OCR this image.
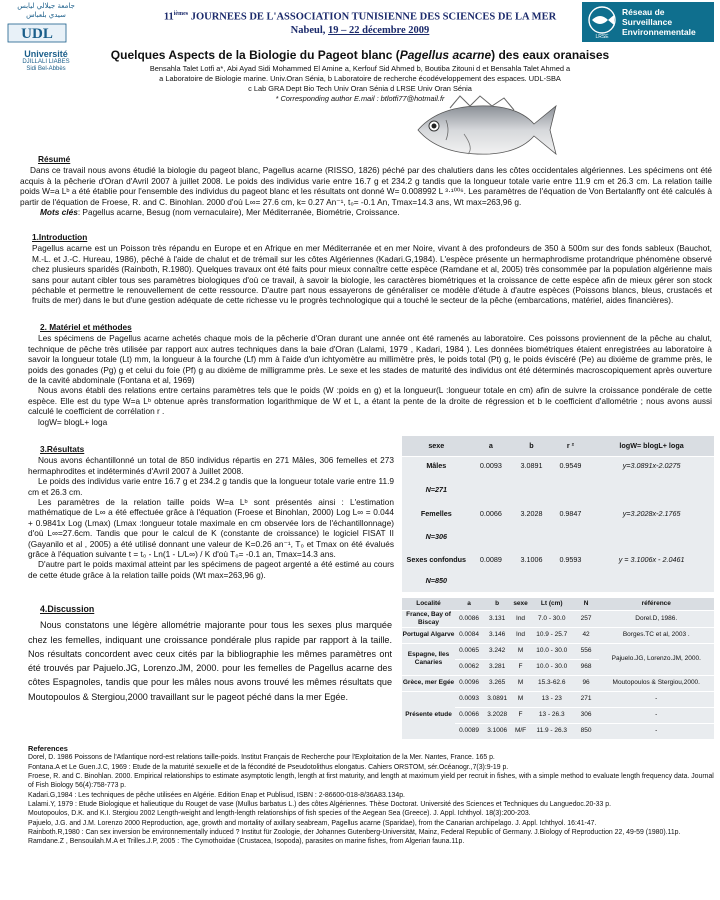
جامعة جيلالي ليابس
سيدي بلعباس
UDL
Université
DJILLALI LIABES
Sidi Bel-Abbès
$11^{ièmes}$ JOURNEES DE L'ASSOCIATION TUNISIENNE DES SCIENCES DE LA MER
Nabeul, 19 – 22 décembre 2009
LRSE
Réseau de
Surveillance
Environnementale
Quelques Aspects de la Biologie du Pageot blanc (Pagellus acarne) des eaux oranaises
Bensahla Talet Lotfi a*, Abi Ayad Sidi Mohammed El Amine a, Kerfouf Sid Ahmed b, Boutiba Zitouni d et Bensahla Talet Ahmed a
a Laboratoire de Biologie marine. Univ.Oran Sénia, b Laboratoire de recherche écodéveloppement des espaces. UDL-SBA
c Lab GRA Dept Bio Tech Univ Oran Sénia d LRSE Univ Oran Sénia
* Corresponding author E.mail : btlotfi77@hotmail.fr
Résumé

Dans ce travail nous avons étudié la biologie du pageot blanc, Pagellus acarne (RISSO, 1826) péché par des chalutiers dans les côtes occidentales algériennes. Les spécimens ont été acquis à la pêcherie d'Oran d'Avril 2007 à juillet 2008. Le poids des individus varie entre 16.7 g et 234.2 g tandis que la longueur totale varie entre 11.9 cm et 26.3 cm. La relation taille poids W=a Lᵇ a été établie pour l'ensemble des individus du pageot blanc et les résultats ont donné W= 0.008992 L ³·¹⁰⁰⁶. Les paramètres de l'équation de Von Bertalanffy ont été calculés à partir de l'équation de Froese, R. and C. Binohlan. 2000 d'où L∞= 27.6 cm, k= 0.27 An⁻¹, t₀= -0.1 An, Tmax=14.3 ans, Wt max=263,96 g.

Mots clés: Pagellus acarne, Besug (nom vernaculaire), Mer Méditerranée, Biométrie, Croissance.

1.Introduction

Pagellus acarne est un Poisson très répandu en Europe et en Afrique en mer Méditerranée et en mer Noire, vivant à des profondeurs de 350 à 500m sur des fonds sableux (Bauchot, M.-L. et J.-C. Hureau, 1986), pêché à l'aide de chalut et de trémail sur les côtes Algériennes (Kadari.G,1984). L'espèce présente un hermaphrodisme protandrique phénomène observé chez plusieurs sparidés (Rainboth, R.1980). Quelques travaux ont été faits pour mieux connaître cette espèce (Ramdane et al, 2005) très consommée par la population algérienne mais sans pour autant cibler tous ses paramètres biologiques d'où ce travail, à savoir la biologie, les caractères biométriques et la croissance de cette espèce afin de mieux gérer son stock péchable et permettre le renouvellement de cette ressource. D'autre part nous essayerons de généraliser ce modèle d'étude à d'autre espèces (Poissons blancs, bleus, crustacés et fruits de mer) dans le but d'une gestion adéquate de cette richesse vu le progrès technologique qui a touché le secteur de la pêche (embarcations, matériel, aides financières).

2. Matériel et méthodes

Les spécimens de Pagellus acarne achetés chaque mois de la pêcherie d'Oran durant une année ont été ramenés au laboratoire. Ces poissons proviennent de la pêche au chalut, technique de pêche très utilisée par rapport aux autres techniques dans la baie d'Oran (Lalami, 1979 , Kadari, 1984 ). Les données biométriques étaient enregistrées au laboratoire à savoir la longueur totale (Lt) mm, la longueur à la fourche (Lf) mm à l'aide d'un ichtyomètre au millimètre près, le poids total (Pt) g, le poids éviscéré (Pe) au dixième de gramme près, le poids des gonades (Pg) g et celui du foie (Pf) g au dixième de milligramme près. Le sexe et les stades de maturité des individus ont été déterminés macroscopiquement après ouverture de la cavité abdominale (Fontana et al, 1969)

Nous avons établi des relations entre certains paramètres tels que le poids (W :poids en g) et la longueur(L :longueur totale en cm) afin de suivre la croissance pondérale de cette espèce. Elle est du type W=a Lᵇ obtenue après transformation logarithmique de W et L, a étant la pente de la droite de régression et b le coefficient d'allométrie ; nous avons aussi calculé le coefficient de corrélation r .

logW= blogL+ loga

3.Résultats

Nous avons échantillonné un total de 850 individus répartis en 271 Mâles, 306 femelles et 273 hermaphrodites et indéterminés d'Avril 2007 à Juillet 2008.

Le poids des individus varie entre 16.7 g et 234.2 g tandis que la longueur totale varie entre 11.9 cm et 26.3 cm.

Les paramètres de la relation taille poids W=a Lᵇ sont présentés ainsi : L'estimation mathématique de L∞ a été effectuée grâce à l'équation (Froese et Binohlan, 2000) Log L∞ = 0.044 + 0.9841x Log (Lmax) (Lmax :longueur totale maximale en cm observée lors de l'échantillonnage) d'où L∞=27.6cm. Tandis que pour le calcul de K (constante de croissance) le logiciel FISAT II (Gayanilo et al , 2005) a été utilisé donnant une valeur de K=0.26 an⁻¹, T₀ et Tmax on été évalués grâce à l'équation suivante t = t₀ - Ln(1 - L/L∞) / K d'où T₀= -0.1 an, Tmax=14.3 ans.

D'autre part le poids maximal atteint par les spécimens de pageot argenté a été estimé au cours de cette étude grâce à la relation taille poids (Wt max=263,96 g).

sexe	a	b	r ²	logW= blogL+ loga
Mâles	0.0093	3.0891	0.9549	y=3.0891x-2.0275
N=271				
Femelles	0.0066	3.2028	0.9847	y=3.2028x-2.1765
N=306				
Sexes confondus	0.0089	3.1006	0.9593	y = 3.1006x - 2.0461
N=850				
4.Discussion

Nous constatons une légère allométrie majorante pour tous les sexes plus marquée chez les femelles, indiquant une croissance pondérale plus rapide par rapport à la taille. Nos résultats concordent avec ceux cités par la bibliographie les mêmes paramètres ont été trouvés par Pajuelo.JG, Lorenzo.JM, 2000. pour les femelles de Pagellus acarne des côtes Espagnoles, tandis que pour les mâles nous avons trouvé les mêmes résultats que Moutopoulos & Stergiou,2000 travaillant sur le pageot péché dans la mer Egée.

Localité	a	b	sexe	Lt (cm)	N	référence
France, Bay of Biscay	0.0086	3.131	Ind	7.0 - 30.0	257	Dorel.D, 1986.
Portugal Algarve	0.0084	3.146	Ind	10.9 - 25.7	42	Borges.TC et al, 2003 .
Espagne, Iles Canaries	0.0065	3.242	M	10.0 - 30.0	556	Pajuelo.JG, Lorenzo.JM, 2000.
	0.0062	3.281	F	10.0 - 30.0	968	
Grèce, mer Egée	0.0096	3.265	M	15.3-62.6	96	Moutopoulos & Stergiou,2000.
Présente etude	0.0093	3.0891	M	13 - 23	271	-
	0.0066	3.2028	F	13 - 26.3	306	-
	0.0089	3.1006	M/F	11.9 - 26.3	850	-
References
Dorel, D. 1986 Poissons de l'Atlantique nord-est relations taille-poids. Institut Français de Recherche pour l'Exploitation de la Mer. Nantes, France. 165 p.
Fontana.A et Le Guen.J.C, 1969 : Etude de la maturité sexuelle et de la fécondité de Pseudotolithus elongatus. Cahiers ORSTOM, sér.Océanogr.,7(3):9-19 p.
Froese, R. and C. Binohlan. 2000. Empirical relationships to estimate asymptotic length, length at first maturity, and length at maximum yield per recruit in fishes, with a simple method to evaluate length frequency data. Journal of Fish Biology 56(4):758-773 p.
Kadari.G,1984 : Les techniques de pêche utilisées en Algérie. Edition Enap et Publisud, ISBN : 2-86600-018-8/36A83.134p.
Lalami.Y, 1979 : Etude Biologique et halieutique du Rouget de vase (Mullus barbatus L.) des côtes Algériennes. Thèse Doctorat. Université des Sciences et Techniques du Languedoc.20-33 p.
Moutopoulos, D.K. and K.I. Stergiou 2002 Length-weight and length-length relationships of fish species of the Aegean Sea (Greece). J. Appl. Ichthyol. 18(3):200-203.
Pajuelo, J.G. and J.M. Lorenzo 2000 Reproduction, age, growth and mortality of axillary seabream, Pagellus acarne (Sparidae), from the Canarian archipelago. J. Appl. Ichthyol. 16:41-47.
Rainboth.R,1980 : Can sex inversion be environnementally induced ? Institut für Zoologie, der Johannes Gutenberg-Universität, Mainz, Federal Republic of Germany. J.Biology of Reproduction 22, 49-59 (1980).11p.
Ramdane.Z , Bensouilah.M.A et Trilles.J.P, 2005 : The Cymothoidae (Crustacea, Isopoda), parasites on marine fishes, from Algerian fauna.11p.
